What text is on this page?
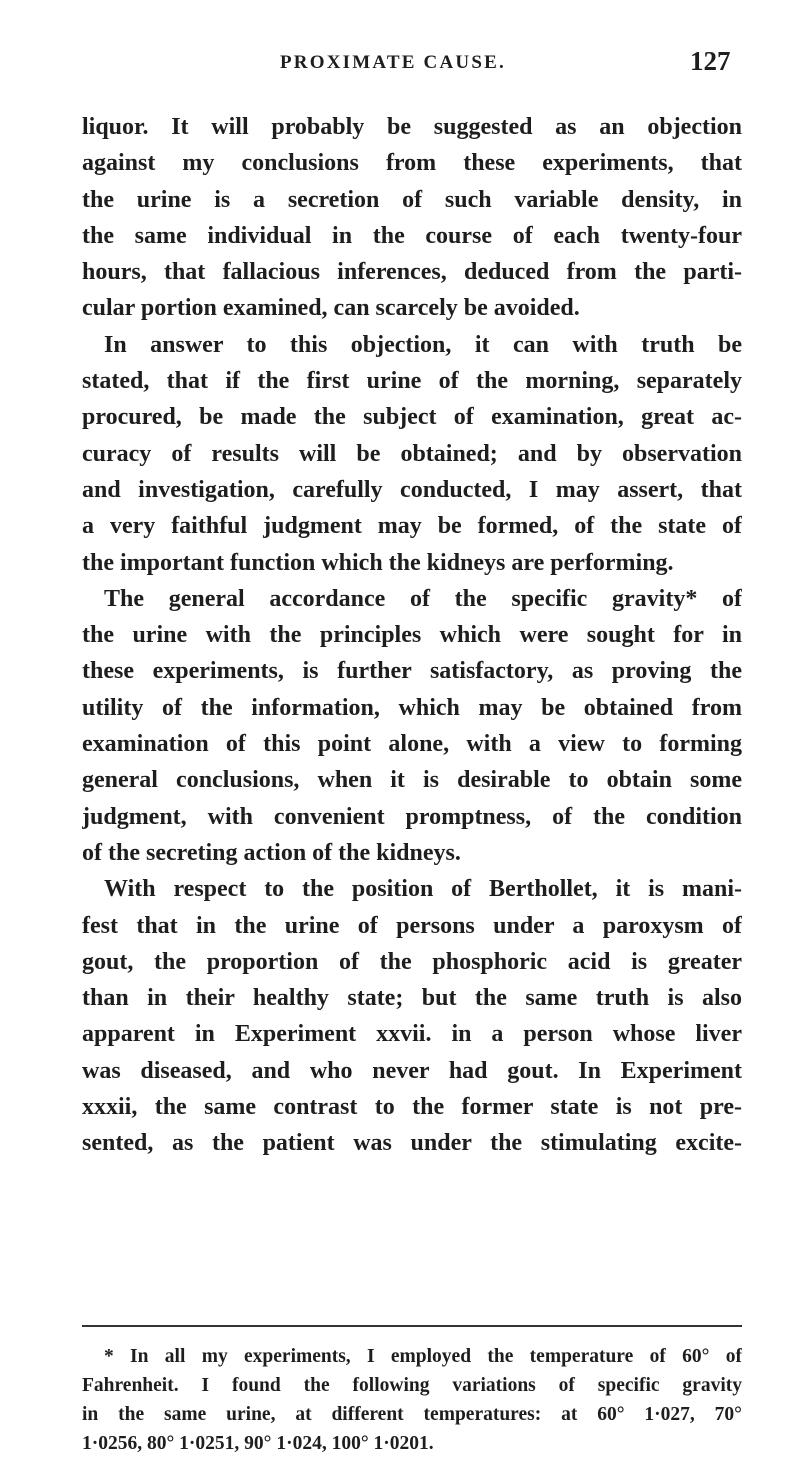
PROXIMATE CAUSE.	127
liquor. It will probably be suggested as an objection
against my conclusions from these experiments, that
the urine is a secretion of such variable density, in
the same individual in the course of each twenty-four
hours, that fallacious inferences, deduced from the parti-
cular portion examined, can scarcely be avoided.
In answer to this objection, it can with truth be
stated, that if the first urine of the morning, separately
procured, be made the subject of examination, great ac-
curacy of results will be obtained; and by observation
and investigation, carefully conducted, I may assert, that
a very faithful judgment may be formed, of the state of
the important function which the kidneys are performing.
The general accordance of the specific gravity* of
the urine with the principles which were sought for in
these experiments, is further satisfactory, as proving the
utility of the information, which may be obtained from
examination of this point alone, with a view to forming
general conclusions, when it is desirable to obtain some
judgment, with convenient promptness, of the condition
of the secreting action of the kidneys.
With respect to the position of Berthollet, it is mani-
fest that in the urine of persons under a paroxysm of
gout, the proportion of the phosphoric acid is greater
than in their healthy state; but the same truth is also
apparent in Experiment xxvii. in a person whose liver
was diseased, and who never had gout. In Experiment
xxxii, the same contrast to the former state is not pre-
sented, as the patient was under the stimulating excite-
* In all my experiments, I employed the temperature of 60° of
Fahrenheit. I found the following variations of specific gravity
in the same urine, at different temperatures: at 60° 1·027, 70°
1·0256, 80° 1·0251, 90° 1·024, 100° 1·0201.
